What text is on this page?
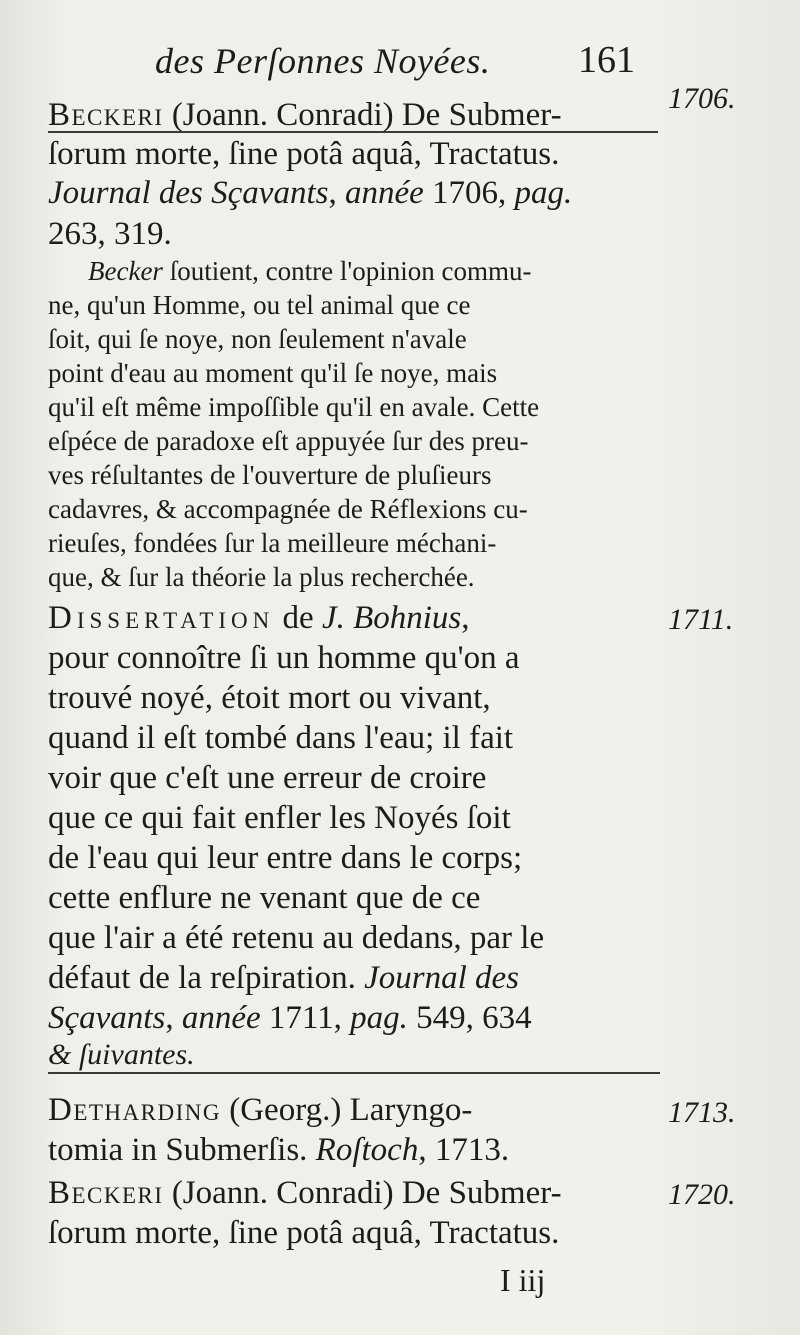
des Perſonnes Noyées. 161
1706.
Beckeri (Joann. Conradi) De Submer-
ſorum morte, ſine potâ aquâ, Tractatus.
Journal des Sçavants, année 1706, pag.
263, 319.
Becker ſoutient, contre l'opinion commu-
ne, qu'un Homme, ou tel animal que ce
ſoit, qui ſe noye, non ſeulement n'avale
point d'eau au moment qu'il ſe noye, mais
qu'il eſt même impoſſible qu'il en avale. Cette
eſpéce de paradoxe eſt appuyée ſur des preu-
ves réſultantes de l'ouverture de pluſieurs
cadavres, & accompagnée de Réflexions cu-
rieuſes, fondées ſur la meilleure méchani-
que, & ſur la théorie la plus recherchée.
1711.
Dissertation de J. Bohnius,
pour connoître ſi un homme qu'on a
trouvé noyé, étoit mort ou vivant,
quand il eſt tombé dans l'eau; il fait
voir que c'eſt une erreur de croire
que ce qui fait enfler les Noyés ſoit
de l'eau qui leur entre dans le corps;
cette enflure ne venant que de ce
que l'air a été retenu au dedans, par le
défaut de la reſpiration. Journal des
Sçavants, année 1711, pag. 549, 634
& ſuivantes.
1713.
Detharding (Georg.) Laryngo-
tomia in Submerſis. Roſtoch, 1713.
1720.
Beckeri (Joann. Conradi) De Submer-
ſorum morte, ſine potâ aquâ, Tractatus.
I iij
